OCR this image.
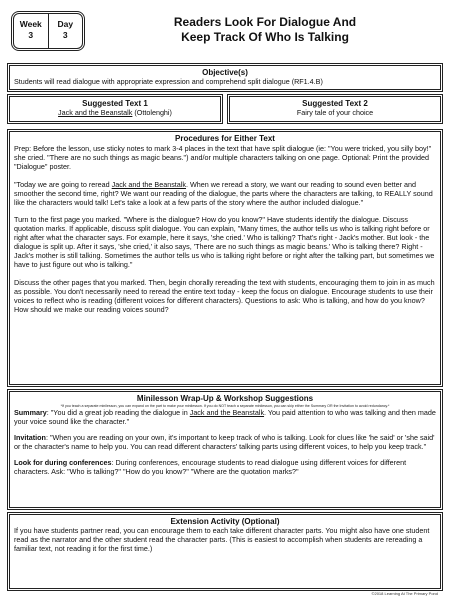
Week
3
Day
3
Readers Look For Dialogue And
Keep Track Of Who Is Talking
Objective(s)
Students will read dialogue with appropriate expression and comprehend split dialogue (RF1.4.B)
Suggested Text 1
Jack and the Beanstalk (Ottolenghi)
Suggested Text 2
Fairy tale of your choice
Procedures for Either Text

Prep: Before the lesson, use sticky notes to mark 3-4 places in the text that have split dialogue (ie: "You were tricked, you silly boy!" she cried. "There are no such things as magic beans.") and/or multiple characters talking on one page. Optional: Print the provided "Dialogue" poster.

"Today we are going to reread Jack and the Beanstalk. When we reread a story, we want our reading to sound even better and smoother the second time, right? We want our reading of the dialogue, the parts where the characters are talking, to REALLY sound like the characters would talk! Let's take a look at a few parts of the story where the author included dialogue."

Turn to the first page you marked. "Where is the dialogue? How do you know?" Have students identify the dialogue. Discuss quotation marks. If applicable, discuss split dialogue. You can explain, "Many times, the author tells us who is talking right before or right after what the character says. For example, here it says, 'she cried.' Who is talking? That's right - Jack's mother. But look - the dialogue is split up. After it says, 'she cried,' it also says, 'There are no such things as magic beans.' Who is talking there? Right - Jack's mother is still talking. Sometimes the author tells us who is talking right before or right after the talking part, but sometimes we have to just figure out who is talking."

Discuss the other pages that you marked. Then, begin chorally rereading the text with students, encouraging them to join in as much as possible. You don't necessarily need to reread the entire text today - keep the focus on dialogue. Encourage students to use their voices to reflect who is reading (different voices for different characters). Questions to ask: Who is talking, and how do you know? How should we make our reading voices sound?

Minilesson Wrap-Up & Workshop Suggestions
*If you teach a separate minilesson, you can expand on the part to make your minilesson. If you do NOT teach a separate minilesson, you can skip either the Summary OR the Invitation to avoid redundancy.*

Summary: "You did a great job reading the dialogue in Jack and the Beanstalk. You paid attention to who was talking and then made your voice sound like the character."

Invitation: "When you are reading on your own, it's important to keep track of who is talking. Look for clues like 'he said' or 'she said' or the character's name to help you. You can read different characters' talking parts using different voices, to help you keep track."

Look for during conferences: During conferences, encourage students to read dialogue using different voices for different characters. Ask: "Who is talking?" "How do you know?" "Where are the quotation marks?"

Extension Activity (Optional)
If you have students partner read, you can encourage them to each take different character parts. You might also have one student read as the narrator and the other student read the character parts. (This is easiest to accomplish when students are rereading a familiar text, not reading it for the first time.)
©2018 Learning At The Primary Pond
